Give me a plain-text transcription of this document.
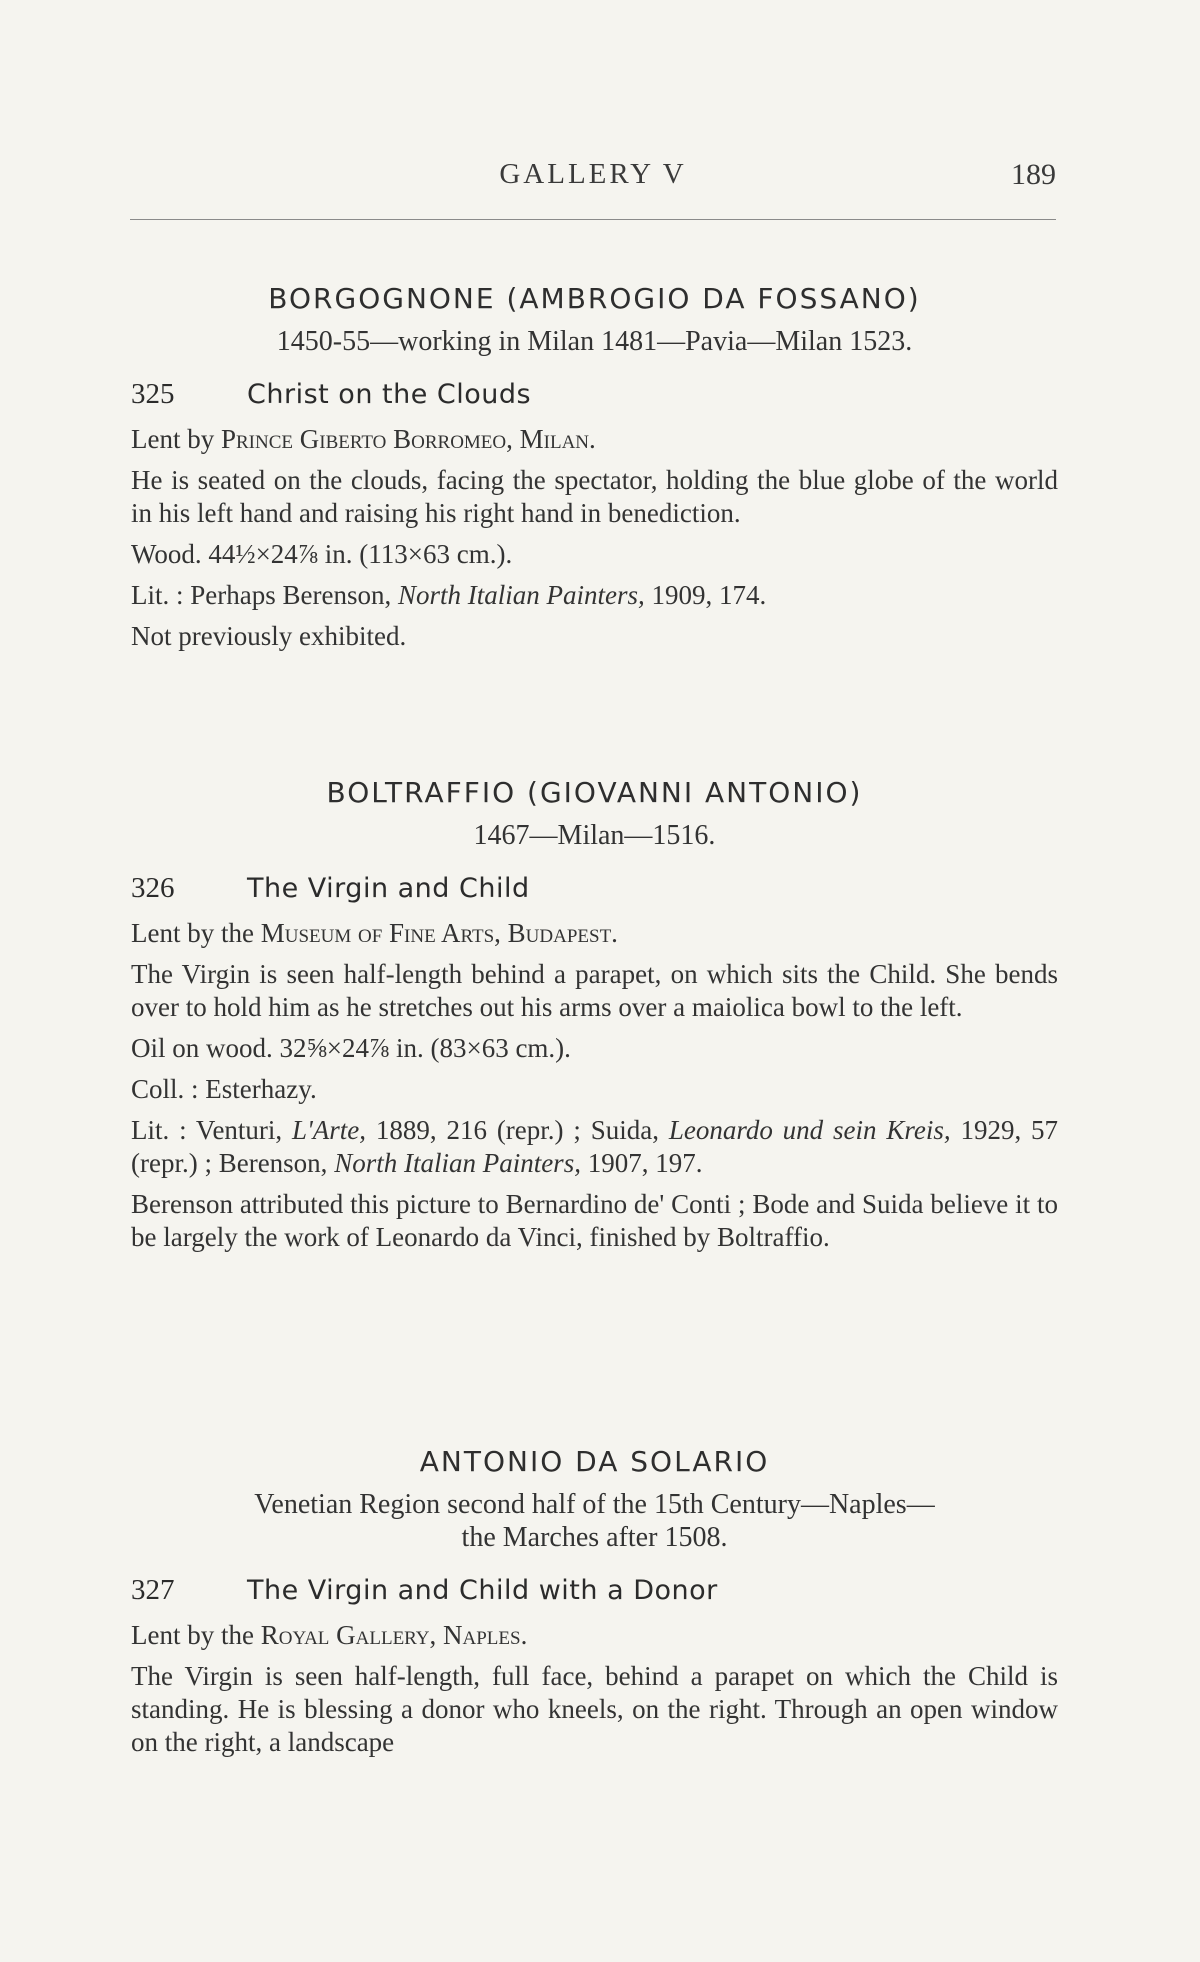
GALLERY V	189

BORGOGNONE (AMBROGIO DA FOSSANO)

1450-55—working in Milan 1481—Pavia—Milan 1523.

325	Christ on the Clouds

Lent by Prince Giberto Borromeo, Milan.

He is seated on the clouds, facing the spectator, holding the blue globe of the world in his left hand and raising his right hand in benediction.

Wood. 44½×24⅞ in. (113×63 cm.).

Lit. : Perhaps Berenson, North Italian Painters, 1909, 174.

Not previously exhibited.

BOLTRAFFIO (GIOVANNI ANTONIO)

1467—Milan—1516.

326	The Virgin and Child

Lent by the Museum of Fine Arts, Budapest.

The Virgin is seen half-length behind a parapet, on which sits the Child. She bends over to hold him as he stretches out his arms over a maiolica bowl to the left.

Oil on wood. 32⅝×24⅞ in. (83×63 cm.).

Coll. : Esterhazy.

Lit. : Venturi, L'Arte, 1889, 216 (repr.) ; Suida, Leonardo und sein Kreis, 1929, 57 (repr.) ; Berenson, North Italian Painters, 1907, 197.

Berenson attributed this picture to Bernardino de' Conti ; Bode and Suida believe it to be largely the work of Leonardo da Vinci, finished by Boltraffio.

ANTONIO DA SOLARIO

Venetian Region second half of the 15th Century—Naples—
the Marches after 1508.

327	The Virgin and Child with a Donor

Lent by the Royal Gallery, Naples.

The Virgin is seen half-length, full face, behind a parapet on which the Child is standing. He is blessing a donor who kneels, on the right. Through an open window on the right, a landscape
